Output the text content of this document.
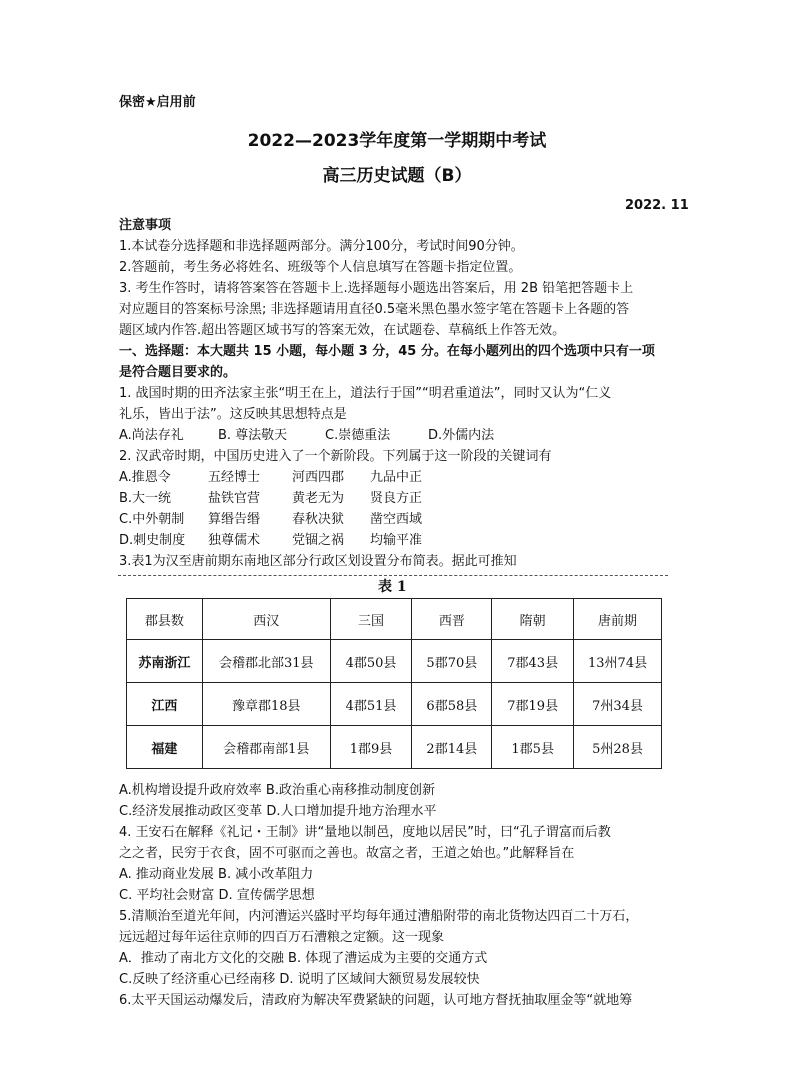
保密★启用前
2022—2023学年度第一学期期中考试
高三历史试题（B）
2022. 11
注意事项
1.本试卷分选择题和非选择题两部分。满分100分，考试时间90分钟。
2.答题前，考生务必将姓名、班级等个人信息填写在答题卡指定位置。
3. 考生作答时，请将答案答在答题卡上.选择题每小题选出答案后，用 2B 铅笔把答题卡上
对应题目的答案标号涂黑; 非选择题请用直径0.5毫米黑色墨水签字笔在答题卡上各题的答
题区域内作答.超出答题区域书写的答案无效，在试题卷、草稿纸上作答无效。
一、选择题：本大题共 15 小题，每小题 3 分，45 分。在每小题列出的四个选项中只有一项
是符合题目要求的。
1. 战国时期的田齐法家主张“明王在上，道法行于国”“明君重道法”，同时又认为“仁义
礼乐，皆出于法”。这反映其思想特点是
A.尚法存礼	B. 尊法敬天	C.崇德重法	D.外儒内法
2. 汉武帝时期，中国历史进入了一个新阶段。下列属于这一阶段的关键词有
A.推恩令	五经博士 河西四郡 九品中正
B.大一统	盐铁官营 黄老无为 贤良方正
C.中外朝制 算缗告缗 春秋决狱 凿空西域
D.刺史制度 独尊儒术 党锢之祸 均输平准
3.表1为汉至唐前期东南地区部分行政区划设置分布简表。据此可推知
表 1
郡县数	西汉	三国	西晋	隋朝	唐前期
苏南浙江	会稽郡北部31县	4郡50县	5郡70县	7郡43县	13州74县
江西	豫章郡18县	4郡51县	6郡58县	7郡19县	7州34县
福建	会稽郡南部1县	1郡9县	2郡14县	1郡5县	5州28县
A.机构增设提升政府效率 B.政治重心南移推动制度创新
C.经济发展推动政区变革 D.人口增加提升地方治理水平
4. 王安石在解释《礼记・王制》讲“量地以制邑，度地以居民”时，曰“孔子谓富而后教
之之者，民穷于衣食，固不可驱而之善也。故富之者，王道之始也。”此解释旨在
A. 推动商业发展 B. 减小改革阻力
C. 平均社会财富 D. 宣传儒学思想
5.清顺治至道光年间，内河漕运兴盛时平均每年通过漕船附带的南北货物达四百二十万石，
远远超过每年运往京师的四百万石漕粮之定额。这一现象
A．推动了南北方文化的交融 B. 体现了漕运成为主要的交通方式
C.反映了经济重心已经南移 D. 说明了区域间大额贸易发展较快
6.太平天国运动爆发后，清政府为解决军费紧缺的问题，认可地方督抚抽取厘金等“就地筹
